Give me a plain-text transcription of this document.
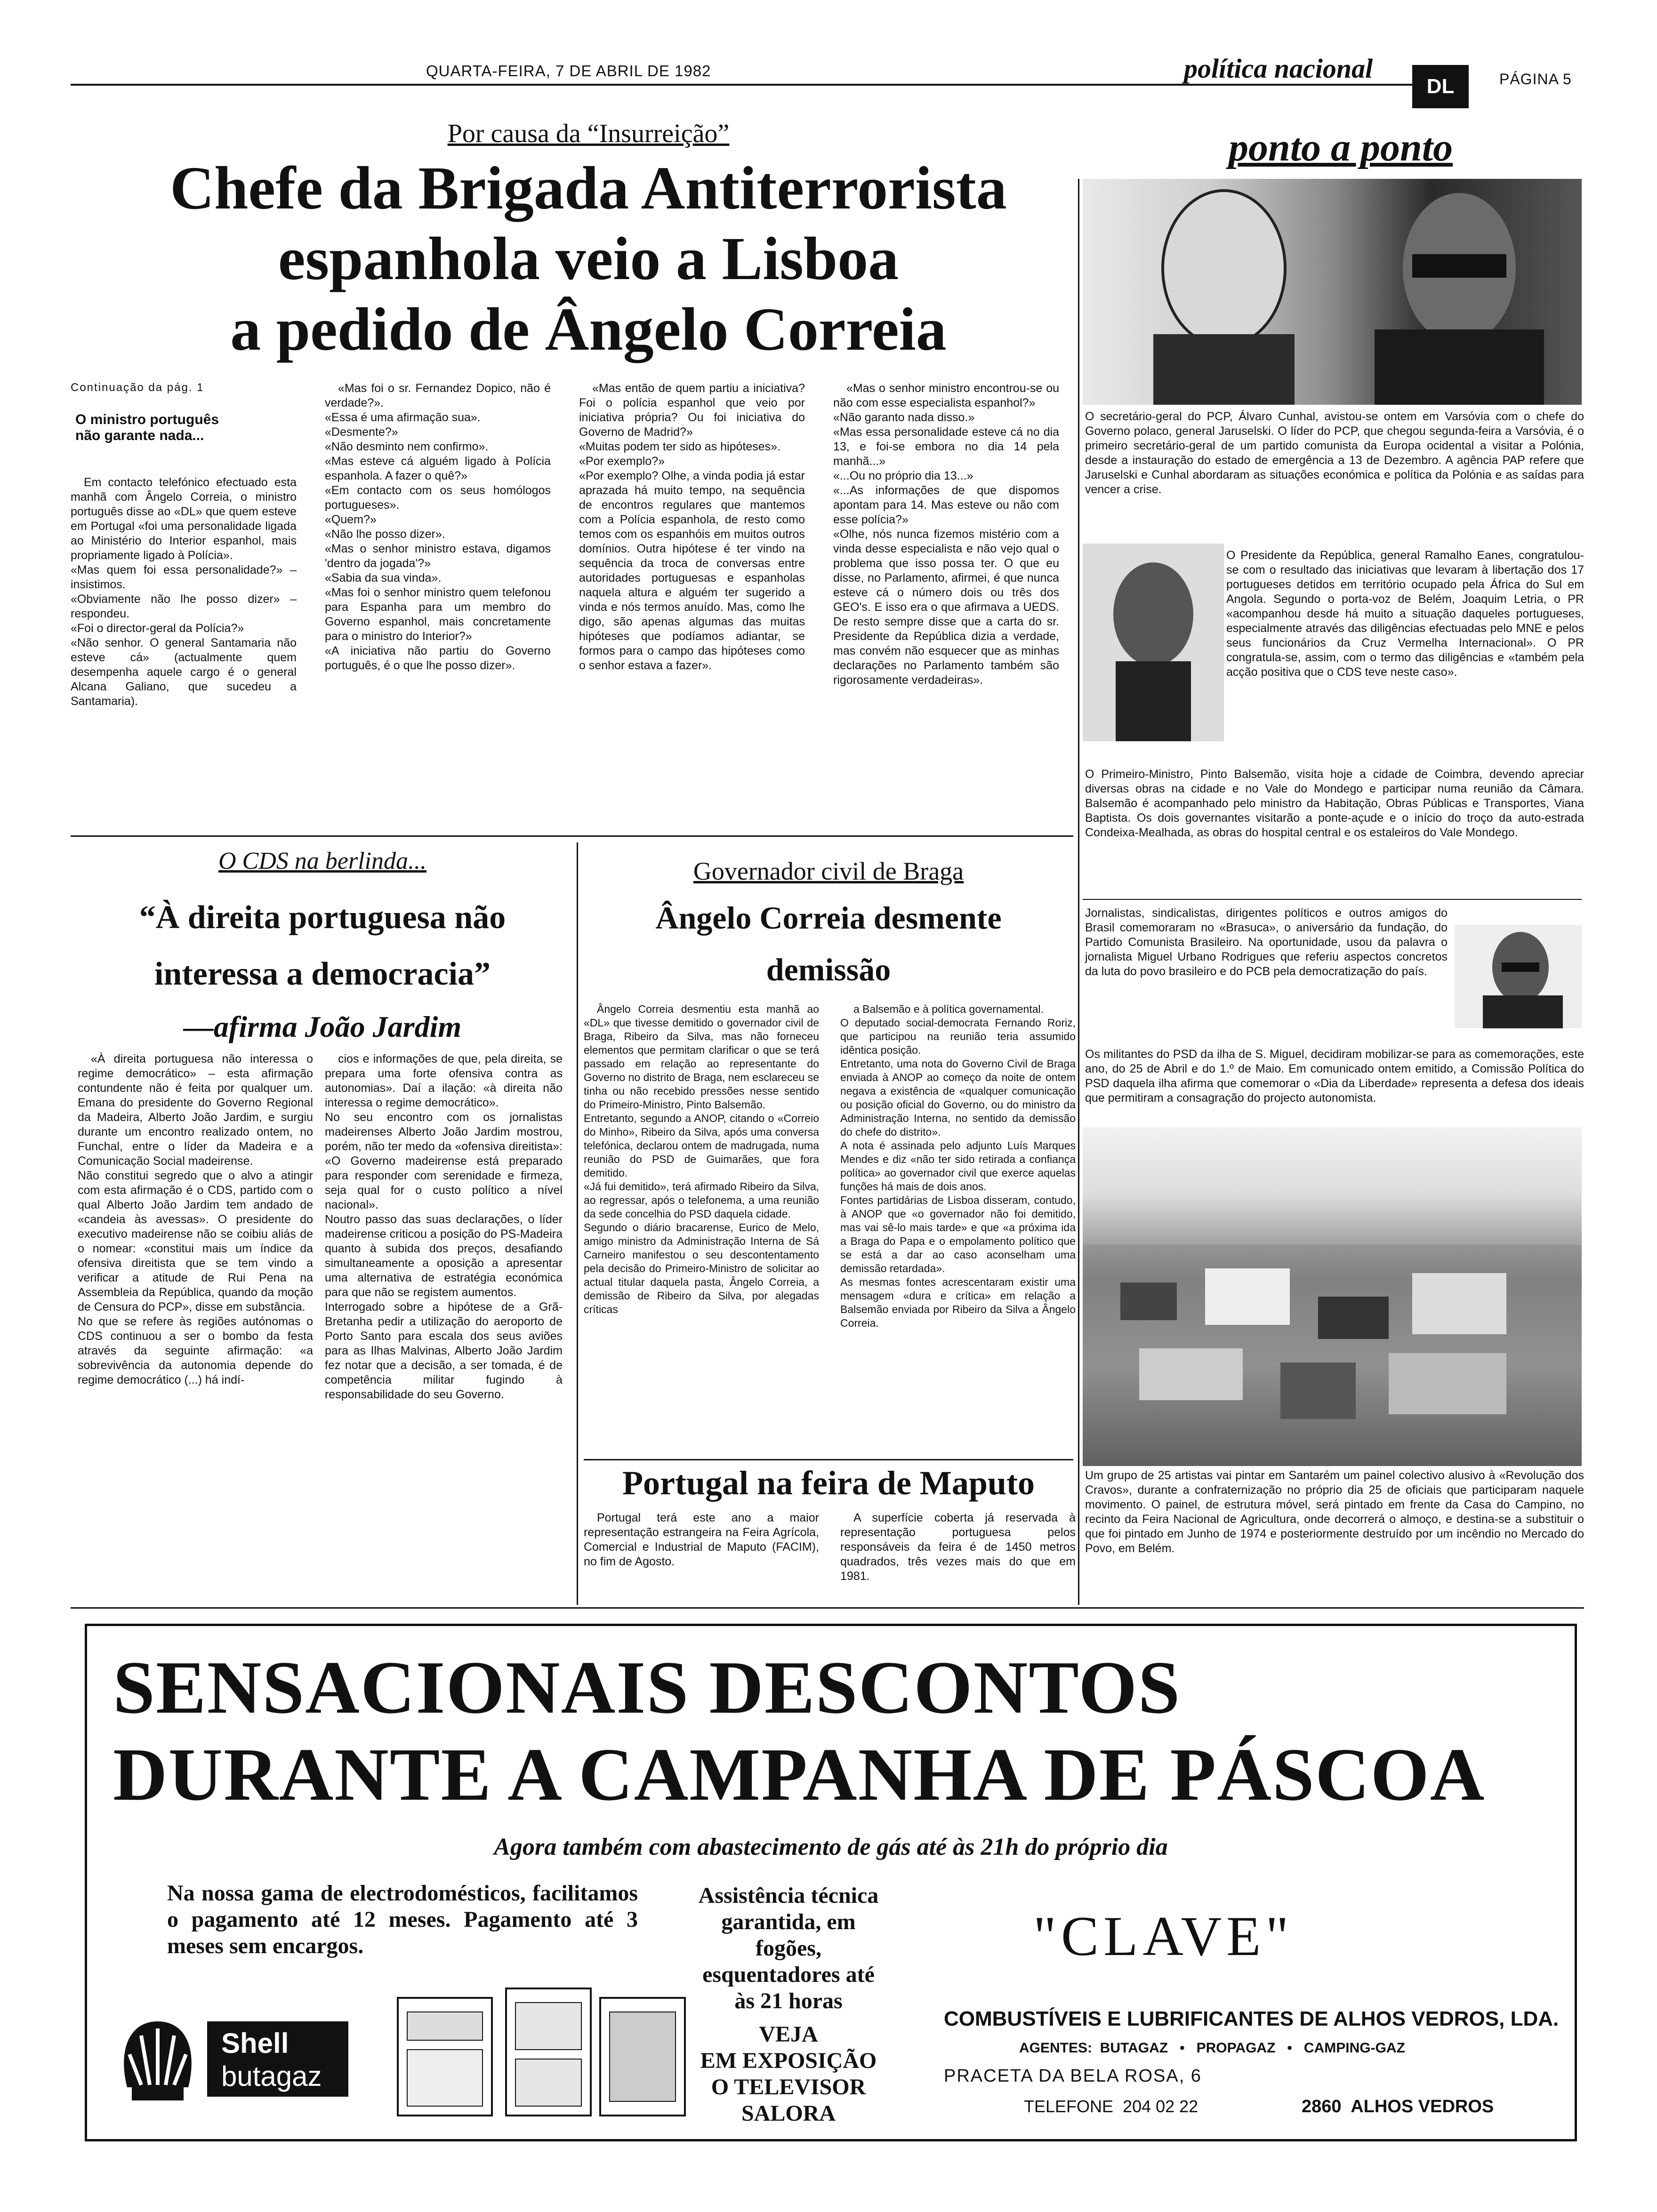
QUARTA-FEIRA, 7 DE ABRIL DE 1982	política nacional
DL	PÁGINA 5
Por causa da “Insurreição”
Chefe da Brigada Antiterrorista
espanhola veio a Lisboa
a pedido de Ângelo Correia
Continuação da pág. 1
O ministro português
não garante nada...

Em contacto telefónico efectuado esta manhã com Ângelo Correia, o ministro português disse ao «DL» que quem esteve em Portugal «foi uma personalidade ligada ao Ministério do Interior espanhol, mais propriamente ligado à Polícia».
«Mas quem foi essa personalidade?» – insistimos.
«Obviamente não lhe posso dizer» – respondeu.
«Foi o director-geral da Polícia?»
«Não senhor. O general Santamaria não esteve cá» (actualmente quem desempenha aquele cargo é o general Alcana Galiano, que sucedeu a Santamaria).

«Mas foi o sr. Fernandez Dopico, não é verdade?».
«Essa é uma afirmação sua».
«Desmente?»
«Não desminto nem confirmo».
«Mas esteve cá alguém ligado à Polícia espanhola. A fazer o quê?»
«Em contacto com os seus homólogos portugueses».
«Quem?»
«Não lhe posso dizer».
«Mas o senhor ministro estava, digamos 'dentro da jogada'?»
«Sabia da sua vinda».
«Mas foi o senhor ministro quem telefonou para Espanha para um membro do Governo espanhol, mais concretamente para o ministro do Interior?»
«A iniciativa não partiu do Governo português, é o que lhe posso dizer».

«Mas então de quem partiu a iniciativa? Foi o polícia espanhol que veio por iniciativa própria? Ou foi iniciativa do Governo de Madrid?»
«Muitas podem ter sido as hipóteses».
«Por exemplo?»
«Por exemplo? Olhe, a vinda podia já estar aprazada há muito tempo, na sequência de encontros regulares que mantemos com a Polícia espanhola, de resto como temos com os espanhóis em muitos outros domínios. Outra hipótese é ter vindo na sequência da troca de conversas entre autoridades portuguesas e espanholas naquela altura e alguém ter sugerido a vinda e nós termos anuído. Mas, como lhe digo, são apenas algumas das muitas hipóteses que podíamos adiantar, se formos para o campo das hipóteses como o senhor estava a fazer».

«Mas o senhor ministro encontrou-se ou não com esse especialista espanhol?»
«Não garanto nada disso.»
«Mas essa personalidade esteve cá no dia 13, e foi-se embora no dia 14 pela manhã...»
«...Ou no próprio dia 13...»
«...As informações de que dispomos apontam para 14. Mas esteve ou não com esse polícia?»
«Olhe, nós nunca fizemos mistério com a vinda desse especialista e não vejo qual o problema que isso possa ter. O que eu disse, no Parlamento, afirmei, é que nunca esteve cá o número dois ou três dos GEO's. E isso era o que afirmava a UEDS. De resto sempre disse que a carta do sr. Presidente da República dizia a verdade, mas convém não esquecer que as minhas declarações no Parlamento também são rigorosamente verdadeiras».

O CDS na berlinda...
“À direita portuguesa não
interessa a democracia”
—afirma João Jardim

«À direita portuguesa não interessa o regime democrático» – esta afirmação contundente não é feita por qualquer um. Emana do presidente do Governo Regional da Madeira, Alberto João Jardim, e surgiu durante um encontro realizado ontem, no Funchal, entre o líder da Madeira e a Comunicação Social madeirense.
Não constitui segredo que o alvo a atingir com esta afirmação é o CDS, partido com o qual Alberto João Jardim tem andado de «candeia às avessas». O presidente do executivo madeirense não se coibiu aliás de o nomear: «constitui mais um índice da ofensiva direitista que se tem vindo a verificar a atitude de Rui Pena na Assembleia da República, quando da moção de Censura do PCP», disse em substância.
No que se refere às regiões autónomas o CDS continuou a ser o bombo da festa através da seguinte afirmação: «a sobrevivência da autonomia depende do regime democrático (...) há indí-

cios e informações de que, pela direita, se prepara uma forte ofensiva contra as autonomias». Daí a ilação: «à direita não interessa o regime democrático».
No seu encontro com os jornalistas madeirenses Alberto João Jardim mostrou, porém, não ter medo da «ofensiva direitista»: «O Governo madeirense está preparado para responder com serenidade e firmeza, seja qual for o custo político a nível nacional».
Noutro passo das suas declarações, o líder madeirense criticou a posição do PS-Madeira quanto à subida dos preços, desafiando simultaneamente a oposição a apresentar uma alternativa de estratégia económica para que não se registem aumentos.
Interrogado sobre a hipótese de a Grã-Bretanha pedir a utilização do aeroporto de Porto Santo para escala dos seus aviões para as Ilhas Malvinas, Alberto João Jardim fez notar que a decisão, a ser tomada, é de competência militar fugindo à responsabilidade do seu Governo.

Governador civil de Braga
Ângelo Correia desmente
demissão

Ângelo Correia desmentiu esta manhã ao «DL» que tivesse demitido o governador civil de Braga, Ribeiro da Silva, mas não forneceu elementos que permitam clarificar o que se terá passado em relação ao representante do Governo no distrito de Braga, nem esclareceu se tinha ou não recebido pressões nesse sentido do Primeiro-Ministro, Pinto Balsemão.
Entretanto, segundo a ANOP, citando o «Correio do Minho», Ribeiro da Silva, após uma conversa telefónica, declarou ontem de madrugada, numa reunião do PSD de Guimarães, que fora demitido.
«Já fui demitido», terá afirmado Ribeiro da Silva, ao regressar, após o telefonema, a uma reunião da sede concelhia do PSD daquela cidade.
Segundo o diário bracarense, Eurico de Melo, amigo ministro da Administração Interna de Sá Carneiro manifestou o seu descontentamento pela decisão do Primeiro-Ministro de solicitar ao actual titular daquela pasta, Ângelo Correia, a demissão de Ribeiro da Silva, por alegadas críticas

a Balsemão e à política governamental.
O deputado social-democrata Fernando Roriz, que participou na reunião teria assumido idêntica posição.
Entretanto, uma nota do Governo Civil de Braga enviada à ANOP ao começo da noite de ontem negava a existência de «qualquer comunicação ou posição oficial do Governo, ou do ministro da Administração Interna, no sentido da demissão do chefe do distrito».
A nota é assinada pelo adjunto Luís Marques Mendes e diz «não ter sido retirada a confiança política» ao governador civil que exerce aquelas funções há mais de dois anos.
Fontes partidárias de Lisboa disseram, contudo, à ANOP que «o governador não foi demitido, mas vai sê-lo mais tarde» e que «a próxima ida a Braga do Papa e o empolamento político que se está a dar ao caso aconselham uma demissão retardada».
As mesmas fontes acrescentaram existir uma mensagem «dura e crítica» em relação a Balsemão enviada por Ribeiro da Silva a Ângelo Correia.

Portugal na feira de Maputo

Portugal terá este ano a maior representação estrangeira na Feira Agrícola, Comercial e Industrial de Maputo (FACIM), no fim de Agosto.

A superfície coberta já reservada à representação portuguesa pelos responsáveis da feira é de 1450 metros quadrados, três vezes mais do que em 1981.

ponto a ponto

O secretário-geral do PCP, Álvaro Cunhal, avistou-se ontem em Varsóvia com o chefe do Governo polaco, general Jaruselski. O líder do PCP, que chegou segunda-feira a Varsóvia, é o primeiro secretário-geral de um partido comunista da Europa ocidental a visitar a Polónia, desde a instauração do estado de emergência a 13 de Dezembro. A agência PAP refere que Jaruselski e Cunhal abordaram as situações económica e política da Polónia e as saídas para vencer a crise.

O Presidente da República, general Ramalho Eanes, congratulou-se com o resultado das iniciativas que levaram à libertação dos 17 portugueses detidos em território ocupado pela África do Sul em Angola. Segundo o porta-voz de Belém, Joaquim Letria, o PR «acompanhou desde há muito a situação daqueles portugueses, especialmente através das diligências efectuadas pelo MNE e pelos seus funcionários da Cruz Vermelha Internacional». O PR congratula-se, assim, com o termo das diligências e «também pela acção positiva que o CDS teve neste caso».

O Primeiro-Ministro, Pinto Balsemão, visita hoje a cidade de Coimbra, devendo apreciar diversas obras na cidade e no Vale do Mondego e participar numa reunião da Câmara. Balsemão é acompanhado pelo ministro da Habitação, Obras Públicas e Transportes, Viana Baptista. Os dois governantes visitarão a ponte-açude e o início do troço da auto-estrada Condeixa-Mealhada, as obras do hospital central e os estaleiros do Vale Mondego.

Jornalistas, sindicalistas, dirigentes políticos e outros amigos do Brasil comemoraram no «Brasuca», o aniversário da fundação, do Partido Comunista Brasileiro. Na oportunidade, usou da palavra o jornalista Miguel Urbano Rodrigues que referiu aspectos concretos da luta do povo brasileiro e do PCB pela democratização do país.

Os militantes do PSD da ilha de S. Miguel, decidiram mobilizar-se para as comemorações, este ano, do 25 de Abril e do 1.º de Maio. Em comunicado ontem emitido, a Comissão Política do PSD daquela ilha afirma que comemorar o «Dia da Liberdade» representa a defesa dos ideais que permitiram a consagração do projecto autonomista.

Um grupo de 25 artistas vai pintar em Santarém um painel colectivo alusivo à «Revolução dos Cravos», durante a confraternização no próprio dia 25 de oficiais que participaram naquele movimento. O painel, de estrutura móvel, será pintado em frente da Casa do Campino, no recinto da Feira Nacional de Agricultura, onde decorrerá o almoço, e destina-se a substituir o que foi pintado em Junho de 1974 e posteriormente destruído por um incêndio no Mercado do Povo, em Belém.

SENSACIONAIS DESCONTOS
DURANTE A CAMPANHA DE PÁSCOA
Agora também com abastecimento de gás até às 21h do próprio dia
Na nossa gama de electrodomésticos, facilitamos o pagamento até 12 meses. Pagamento até 3 meses sem encargos.
Shell
butagaz
Assistência técnica garantida, em fogões, esquentadores até às 21 horas
VEJA
EM EXPOSIÇÃO
O TELEVISOR
SALORA
"CLAVE"
COMBUSTÍVEIS E LUBRIFICANTES DE ALHOS VEDROS, LDA.
AGENTES:  BUTAGAZ   •   PROPAGAZ   •   CAMPING-GAZ
PRACETA DA BELA ROSA, 6
TELEFONE  204 02 22	2860  ALHOS VEDROS
